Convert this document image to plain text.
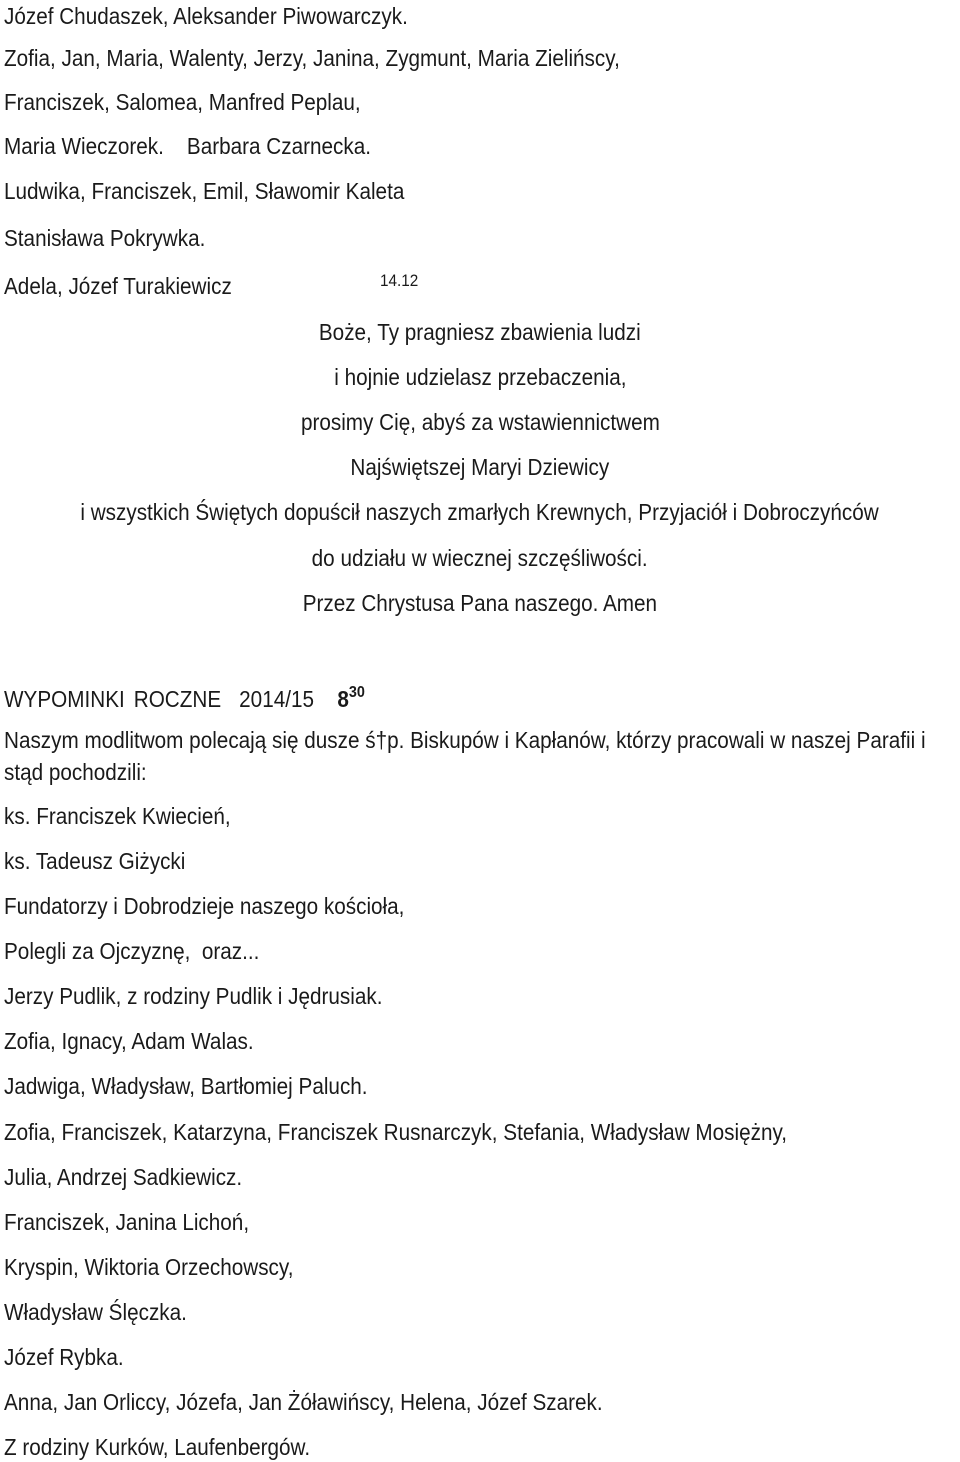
Józef Chudaszek, Aleksander Piwowarczyk.
Zofia, Jan, Maria, Walenty, Jerzy, Janina, Zygmunt, Maria Zielińscy,
Franciszek, Salomea, Manfred Peplau,
Maria Wieczorek.    Barbara Czarnecka.
Ludwika, Franciszek, Emil, Sławomir Kaleta
Stanisława Pokrywka.
Adela, Józef Turakiewicz	14.12
Boże, Ty pragniesz zbawienia ludzi
i hojnie udzielasz przebaczenia,
prosimy Cię, abyś za wstawiennictwem
Najświętszej Maryi Dziewicy
i wszystkich Świętych dopuścił naszych zmarłych Krewnych, Przyjaciół i Dobroczyńców
do udziału w wiecznej szczęśliwości.
Przez Chrystusa Pana naszego. Amen
WYPOMINKI ROCZNE 2014/15 $8^{30}$
Naszym modlitwom polecają się dusze ś†p. Biskupów i Kapłanów, którzy pracowali w naszej Parafii i stąd pochodzili:
ks. Franciszek Kwiecień,
ks. Tadeusz Giżycki
Fundatorzy i Dobrodzieje naszego kościoła,
Polegli za Ojczyznę,  oraz...
Jerzy Pudlik, z rodziny Pudlik i Jędrusiak.
Zofia, Ignacy, Adam Walas.
Jadwiga, Władysław, Bartłomiej Paluch.
Zofia, Franciszek, Katarzyna, Franciszek Rusnarczyk, Stefania, Władysław Mosiężny,
Julia, Andrzej Sadkiewicz.
Franciszek, Janina Lichoń,
Kryspin, Wiktoria Orzechowscy,
Władysław Ślęczka.
Józef Rybka.
Anna, Jan Orliccy, Józefa, Jan Żóławińscy, Helena, Józef Szarek.
Z rodziny Kurków, Laufenbergów.
